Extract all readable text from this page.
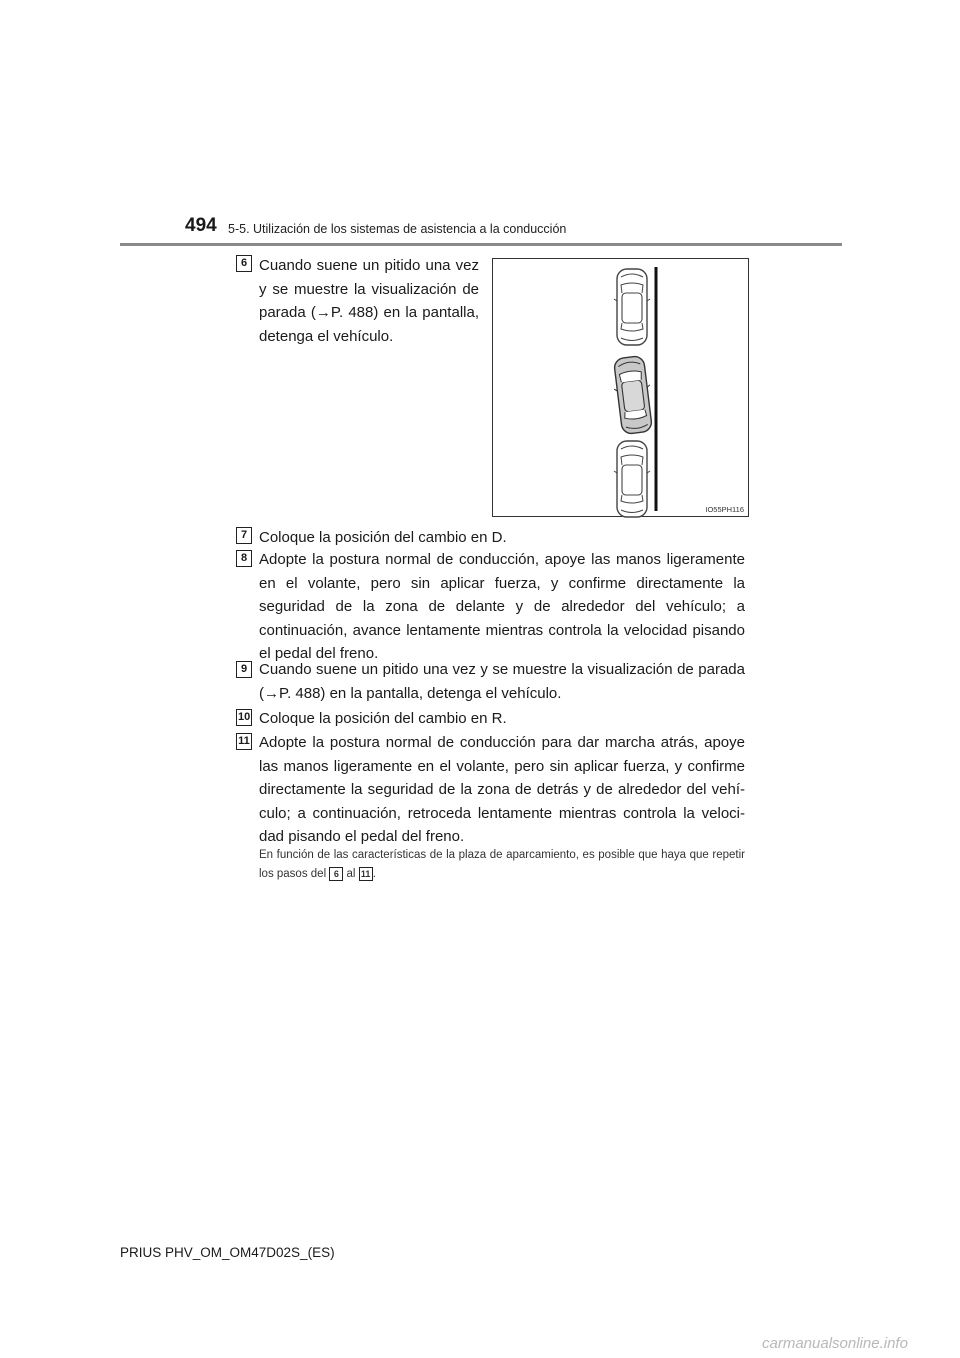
494 5-5. Utilización de los sistemas de asistencia a la conducción
6 Cuando suene un pitido una vez y se muestre la visualización de parada (→P. 488) en la pantalla, detenga el vehículo.
IO55PH116
7 Coloque la posición del cambio en D.
8 Adopte la postura normal de conducción, apoye las manos ligeramente en el volante, pero sin aplicar fuerza, y confirme directamente la seguridad de la zona de delante y de alrededor del vehículo; a continuación, avance lentamente mientras controla la velocidad pisando el pedal del freno.
9 Cuando suene un pitido una vez y se muestre la visualización de parada (→P. 488) en la pantalla, detenga el vehículo.
10 Coloque la posición del cambio en R.
11 Adopte la postura normal de conducción para dar marcha atrás, apoye las manos ligeramente en el volante, pero sin aplicar fuerza, y confirme directamente la seguridad de la zona de detrás y de alrededor del vehí-culo; a continuación, retroceda lentamente mientras controla la veloci-dad pisando el pedal del freno.
En función de las características de la plaza de aparcamiento, es posible que haya que repetir los pasos del 6 al 11 .
PRIUS PHV_OM_OM47D02S_(ES)
carmanualsonline.info
